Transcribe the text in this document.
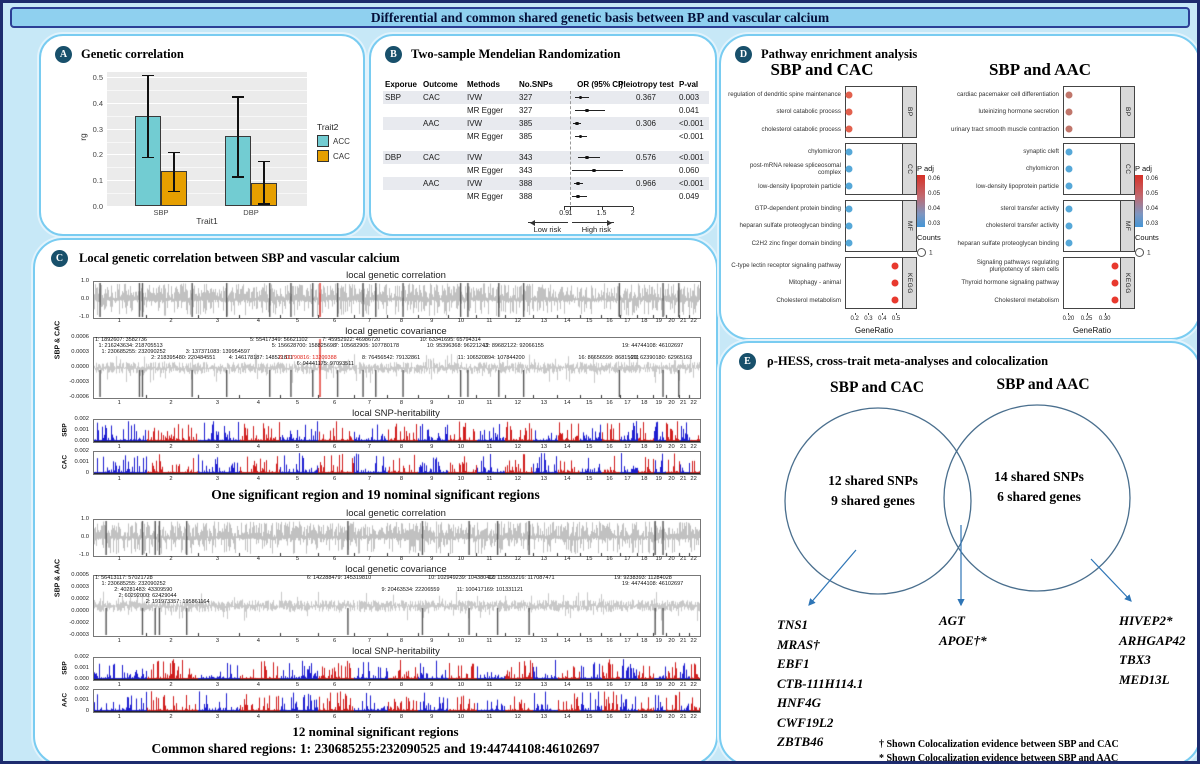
Differential and common shared genetic basis between BP and vascular calcium
A	Genetic correlation
rg
0.0
0.1
0.2
0.3
0.4
0.5
SBP	DBP
Trait1
Trait2
ACC
CAC
B	Two-sample Mendelian Randomization
Exporue Outcome	Methods	No.SNPs	OR (95% CI)
Pleiotropy test P-val
SBP	CAC	IVW	327	0.367	0.003
MR Egger	327	0.041
AAC	IVW	385	0.306	<0.001
MR Egger	385	<0.001
DBP	CAC	IVW	343	0.576	<0.001
MR Egger	343	0.060
AAC	IVW	388	0.966	<0.001
MR Egger	388	0.049
0.9 1	1.5	2
Low risk	High risk
C	Local genetic correlation between SBP and vascular calcium
local genetic correlation
1.0
0.0
-1.0
1	2	3	4	5	6	7	8	9	10	11	12	13	14	15 16 17 18 19 20 21 22
local genetic covariance
0.0006
0.0003
0.0000
-0.0003
-0.0006
1	2	3	4	5	6	7	8	9	10	11	12	13	14	15 16 17 18 19 20 21 22
1: 1892607: 3582736
1: 216243634: 218705513
1: 230685255: 232090252
2: 218395480: 220484551
3: 137371083: 139954597
4: 146178187: 148521871
5: 55417349: 56621102
5: 156628700: 158825698
6: 11790816: 13209388
6: 94441175: 97093511
7: 45952922: 46986720
7: 105682905: 107780178
8: 76456542: 79132861
10: 63341695: 65794314
10: 95396368: 96221243
11: 106520894: 107844200
12: 89682122: 92066155
16: 86656599: 86815611
19: 44744108: 46102697
20: 62390180: 62965163
local SNP-heritability
0.002
0.001
0.000
1	2	3	4	5	6	7	8	9	10	11	12	13	14	15 16 17 18 19 20 21 22
0.002
0.001
0
1	2	3	4	5	6	7	8	9	10	11	12	13	14	15 16 17 18 19 20 21 22
SBP & CAC
SBP
CAC
One significant region and 19 nominal significant regions
local genetic correlation
1.0
0.0
-1.0
1	2	3	4	5	6	7	8	9	10	11	12	13	14	15 16 17 18 19 20 21 22
local genetic covariance
0.0005
0.0003
0.0002
0.0000
-0.0002
-0.0003
1	2	3	4	5	6	7	8	9	10	11	12	13	14	15 16 17 18 19 20 21 22
1: 56413117: 57021728
1: 230685255: 232090252
2: 40281483: 43309590
2: 60292000: 62429044
2: 191973357: 195861164
6: 142288479: 145319810
9: 20463534: 22206559
10: 102949239: 104380410
11: 100417169: 101331121
12: 115503216: 117087471	19: 9238393: 11284028
19: 44744108: 46102697
local SNP-heritability
0.002
0.001
0.000
1	2	3	4	5	6	7	8	9	10	11	12	13	14	15 16 17 18 19 20 21 22
0.002
0.001
0
1	2	3	4	5	6	7	8	9	10	11	12	13	14	15 16 17 18 19 20 21 22
SBP & AAC
SBP
AAC
12 nominal significant regions
Common shared regions: 1: 230685255:232090525 and 19:44744108:46102697
D	Pathway enrichment analysis
SBP and CAC	SBP and AAC
regulation of dendritic spine maintenance
sterol catabolic process
cholesterol catabolic process
BP
chylomicron
post-mRNA release spliceosomal complex
low-density lipoprotein particle
CC
GTP-dependent protein binding
heparan sulfate proteoglycan binding
C2H2 zinc finger domain binding
MF
C-type lectin receptor signaling pathway
Mitophagy - animal
Cholesterol metabolism
KEGG
0.2 0.3 0.4 0.5
GeneRatio
cardiac pacemaker cell differentiation
luteinizing hormone secretion
urinary tract smooth muscle contraction
BP
synaptic cleft
chylomicron
low-density lipoprotein particle
CC
sterol transfer activity
cholesterol transfer activity
heparan sulfate proteoglycan binding
MF
Signaling pathways regulating pluripotency of stem cells
Thyroid hormone signaling pathway
Cholesterol metabolism
KEGG
0.20 0.25 0.30
GeneRatio
P adj
0.06
0.05
0.04
0.03
Counts
1
P adj
0.06
0.05
0.04
0.03
Counts
1
E	ρ-HESS, cross-trait meta-analyses and colocalization
SBP and CAC	SBP and AAC
12 shared SNPs
9 shared genes
14 shared SNPs
6 shared genes
TNS1
MRAS†
EBF1
CTB-111H114.1
HNF4G
CWF19L2
ZBTB46
AGT
APOE†*
HIVEP2*
ARHGAP42
TBX3
MED13L
† Shown Colocalization evidence between SBP and CAC
* Shown Colocalization evidence between SBP and AAC
